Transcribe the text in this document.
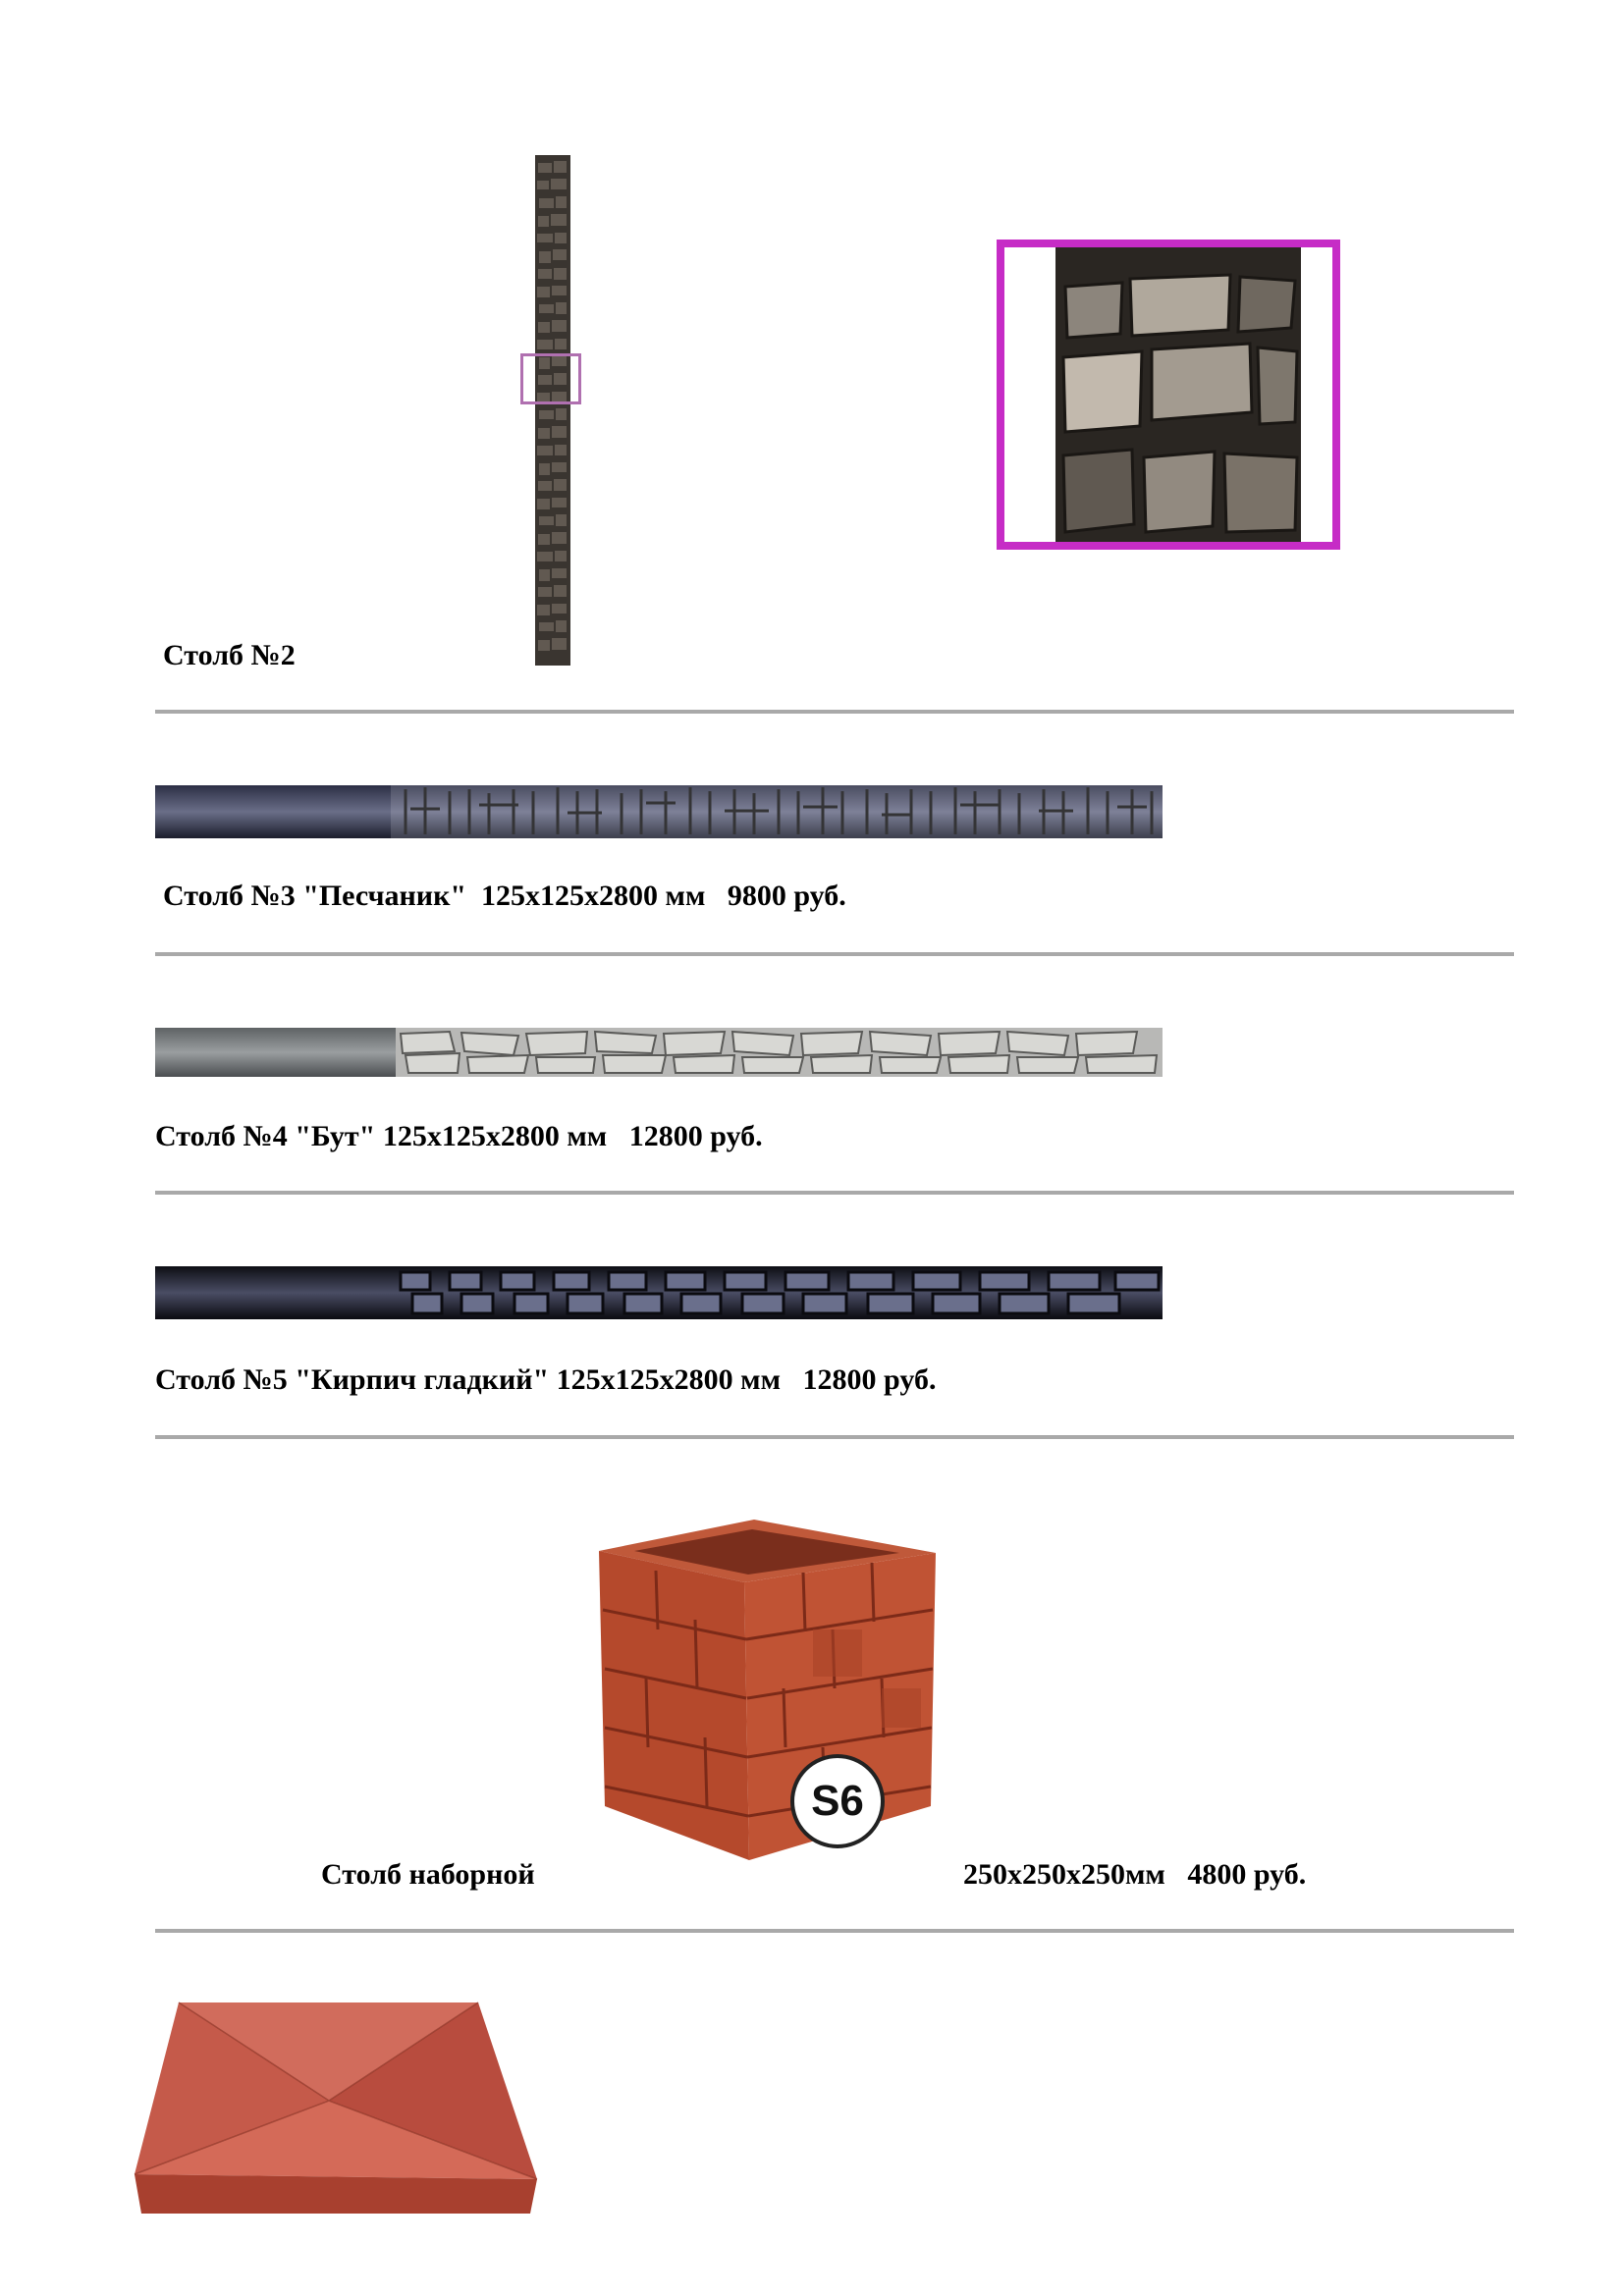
Столб №2
Столб №3 "Песчаник"  125х125х2800 мм   9800 руб.
Столб №4 "Бут" 125х125х2800 мм   12800 руб.
Столб №5 "Кирпич гладкий" 125х125х2800 мм   12800 руб.
S6
Столб наборной	250х250х250мм   4800 руб.
